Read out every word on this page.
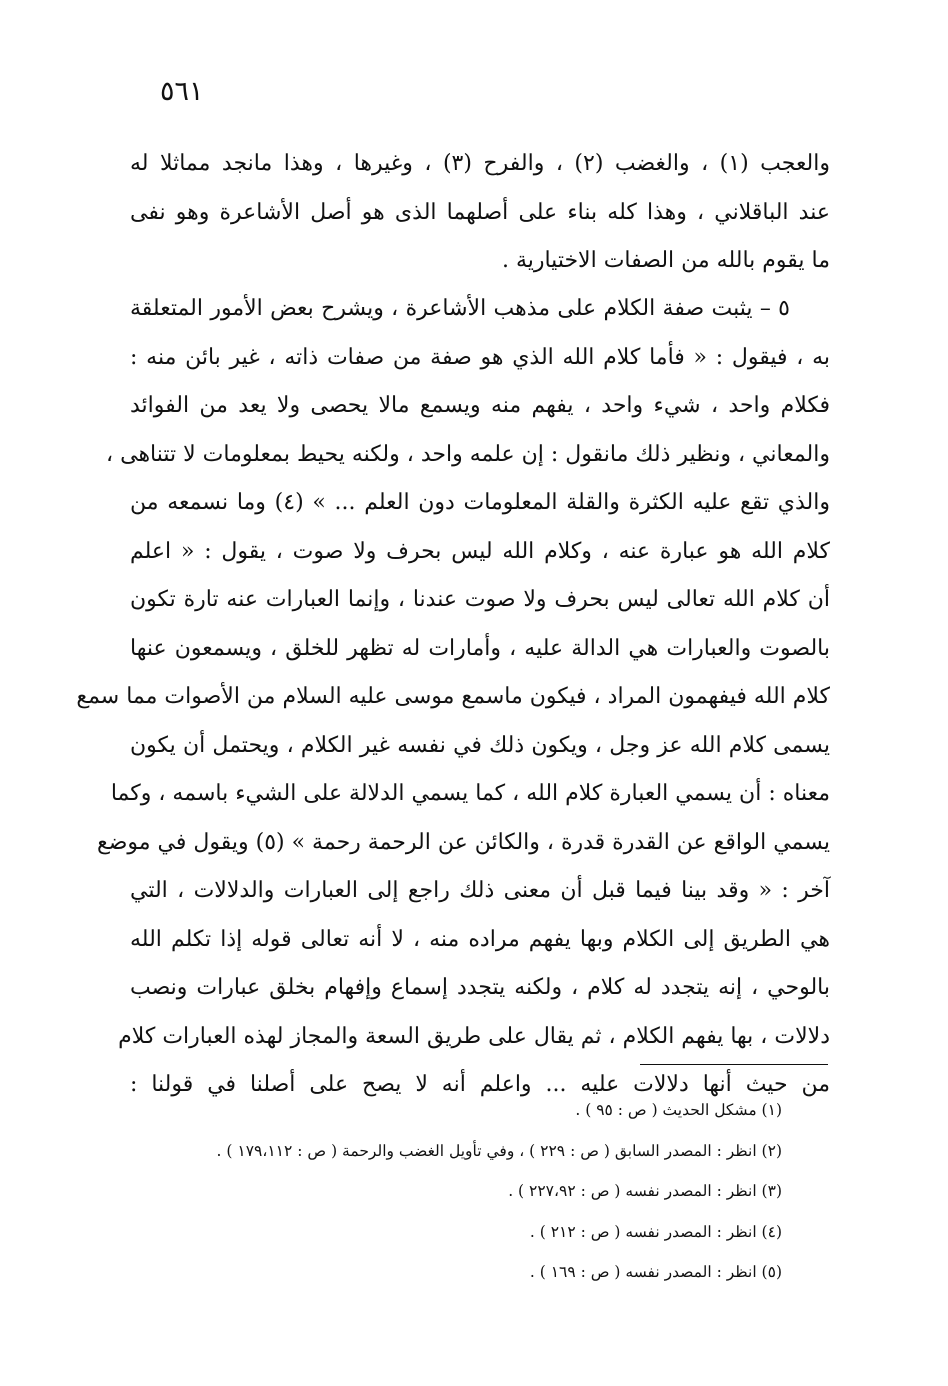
٥٦١
والعجب (١) ، والغضب (٢) ، والفرح (٣) ، وغيرها ، وهذا مانجد مماثلا له
عند الباقلاني ، وهذا كله بناء على أصلهما الذى هو أصل الأشاعرة وهو نفى
ما يقوم بالله من الصفات الاختيارية .
٥ – يثبت صفة الكلام على مذهب الأشاعرة ، ويشرح بعض الأمور المتعلقة
به ، فيقول : « فأما كلام الله الذي هو صفة من صفات ذاته ، غير بائن منه :
فكلام واحد ، شيء واحد ، يفهم منه ويسمع مالا يحصى ولا يعد من الفوائد
والمعاني ، ونظير ذلك مانقول : إن علمه واحد ، ولكنه يحيط بمعلومات لا تتناهى ،
والذي تقع عليه الكثرة والقلة المعلومات دون العلم ... » (٤) وما نسمعه من
كلام الله هو عبارة عنه ، وكلام الله ليس بحرف ولا صوت ، يقول : « اعلم
أن كلام الله تعالى ليس بحرف ولا صوت عندنا ، وإنما العبارات عنه تارة تكون
بالصوت والعبارات هي الدالة عليه ، وأمارات له تظهر للخلق ، ويسمعون عنها
كلام الله فيفهمون المراد ، فيكون ماسمع موسى عليه السلام من الأصوات مما سمع
يسمى كلام الله عز وجل ، ويكون ذلك في نفسه غير الكلام ، ويحتمل أن يكون
معناه : أن يسمي العبارة كلام الله ، كما يسمي الدلالة على الشيء باسمه ، وكما
يسمي الواقع عن القدرة قدرة ، والكائن عن الرحمة رحمة » (٥) ويقول في موضع
آخر : « وقد بينا فيما قبل أن معنى ذلك راجع إلى العبارات والدلالات ، التي
هي الطريق إلى الكلام وبها يفهم مراده منه ، لا أنه تعالى قوله إذا تكلم الله
بالوحي ، إنه يتجدد له كلام ، ولكنه يتجدد إسماع وإفهام بخلق عبارات ونصب
دلالات ، بها يفهم الكلام ، ثم يقال على طريق السعة والمجاز لهذه العبارات كلام
من حيث أنها دلالات عليه ... واعلم أنه لا يصح على أصلنا في قولنا :
(١) مشكل الحديث ( ص : ٩٥ ) .
(٢) انظر : المصدر السابق ( ص : ٢٢٩ ) ، وفي تأويل الغضب والرحمة ( ص : ١٧٩،١١٢ ) .
(٣) انظر : المصدر نفسه ( ص : ٢٢٧،٩٢ ) .
(٤) انظر : المصدر نفسه ( ص : ٢١٢ ) .
(٥) انظر : المصدر نفسه ( ص : ١٦٩ ) .
